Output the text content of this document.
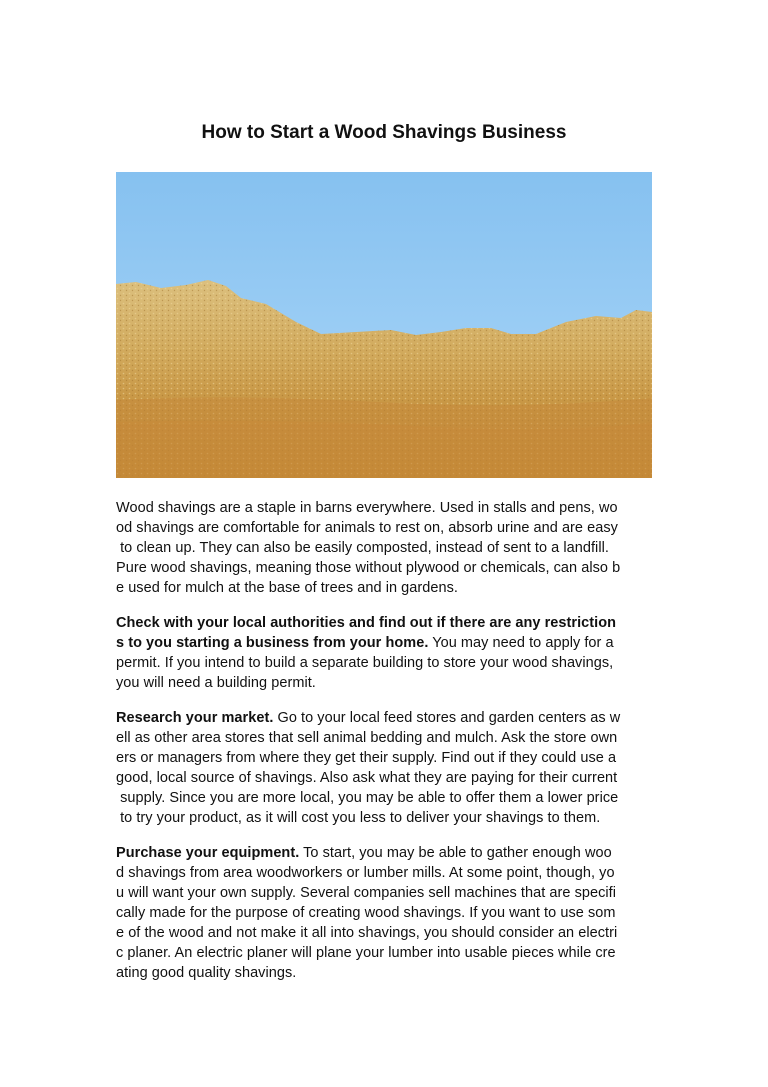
How to Start a Wood Shavings Business
Wood shavings are a staple in barns everywhere. Used in stalls and pens, wo
od shavings are comfortable for animals to rest on, absorb urine and are easy
to clean up. They can also be easily composted, instead of sent to a landfill.
Pure wood shavings, meaning those without plywood or chemicals, can also b
e used for mulch at the base of trees and in gardens.
Check with your local authorities and find out if there are any restriction
s to you starting a business from your home. You may need to apply for a
permit. If you intend to build a separate building to store your wood shavings,
you will need a building permit.
Research your market. Go to your local feed stores and garden centers as w
ell as other area stores that sell animal bedding and mulch. Ask the store own
ers or managers from where they get their supply. Find out if they could use a
good, local source of shavings. Also ask what they are paying for their current
supply. Since you are more local, you may be able to offer them a lower price
to try your product, as it will cost you less to deliver your shavings to them.
Purchase your equipment. To start, you may be able to gather enough woo
d shavings from area woodworkers or lumber mills. At some point, though, yo
u will want your own supply. Several companies sell machines that are specifi
cally made for the purpose of creating wood shavings. If you want to use som
e of the wood and not make it all into shavings, you should consider an electri
c planer. An electric planer will plane your lumber into usable pieces while cre
ating good quality shavings.
